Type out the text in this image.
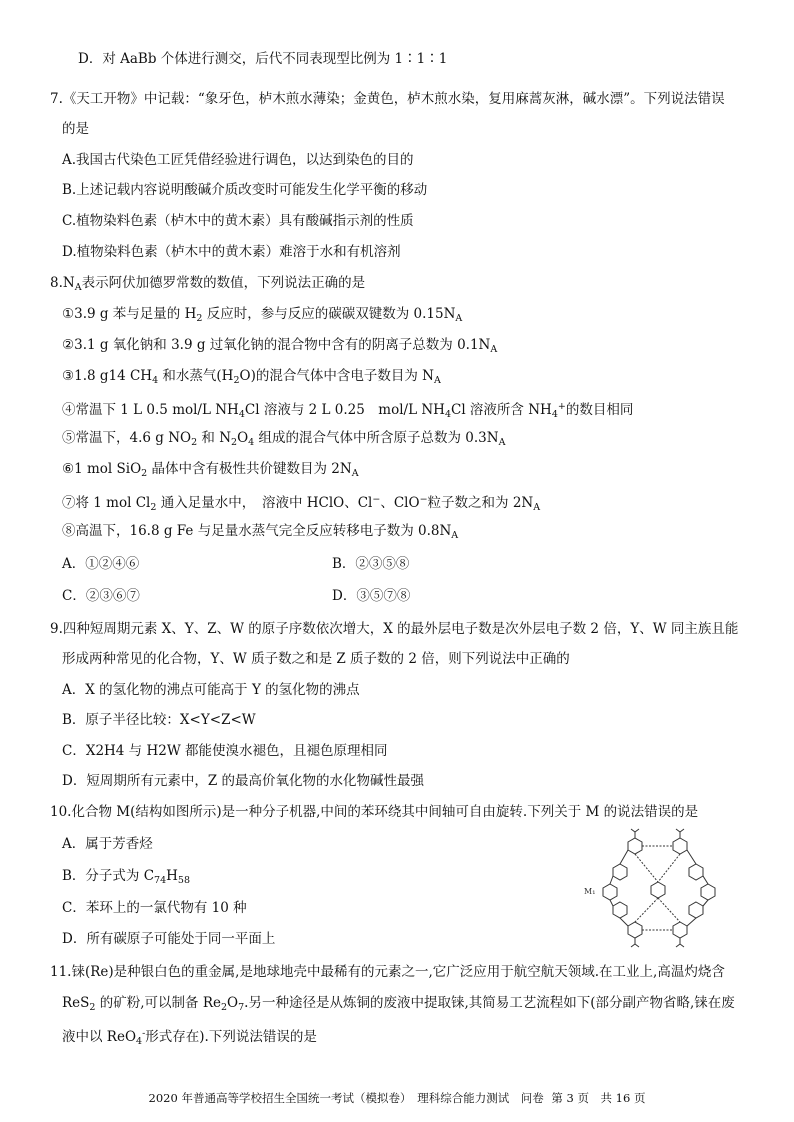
D．对 AaBb 个体进行测交，后代不同表现型比例为 1∶1∶1
7.《天工开物》中记载：“象牙色，栌木煎水薄染；金黄色，栌木煎水染，复用麻蒿灰淋，碱水漂”。下列说法错误
的是
A.我国古代染色工匠凭借经验进行调色，以达到染色的目的
B.上述记载内容说明酸碱介质改变时可能发生化学平衡的移动
C.植物染料色素（栌木中的黄木素）具有酸碱指示剂的性质
D.植物染料色素（栌木中的黄木素）难溶于水和有机溶剂
$8.N_A$表示阿伏加德罗常数的数值，下列说法正确的是
①3.9 g 苯与足量的 $H_2$ 反应时，参与反应的碳碳双键数为 $0.15N_A$
②3.1 g 氧化钠和 3.9 g 过氧化钠的混合物中含有的阴离子总数为 $0.1N_A$
③1.8 g14 $CH_4$ 和水蒸气$(H_2O)$的混合气体中含电子数目为 $N_A$
④常温下 1 L 0.5 mol/L $NH_4Cl$ 溶液与 2 L 0.25　mol/L $NH_4Cl$ 溶液所含 $NH_4^+$的数目相同
⑤常温下，4.6 g $NO_2$ 和 $N_2O_4$ 组成的混合气体中所含原子总数为 $0.3N_A$
⑥1 mol SiO$_2$ 晶体中含有极性共价键数目为 $2N_A$
⑦将 1 mol $Cl_2$ 通入足量水中，　溶液中 HClO、Cl−、ClO−粒子数之和为 $2N_A$
⑧高温下，16.8 g Fe 与足量水蒸气完全反应转移电子数为 $0.8N_A$
A．①②④⑥	B．②③⑤⑧
C．②③⑥⑦	D．③⑤⑦⑧
9.四种短周期元素 X、Y、Z、W 的原子序数依次增大，X 的最外层电子数是次外层电子数 2 倍，Y、W 同主族且能
形成两种常见的化合物，Y、W 质子数之和是 Z 质子数的 2 倍，则下列说法中正确的
A．X 的氢化物的沸点可能高于 Y 的氢化物的沸点
B．原子半径比较：X<Y<Z<W
C．X2H4 与 H2W 都能使溴水褪色，且褪色原理相同
D．短周期所有元素中，Z 的最高价氧化物的水化物碱性最强
10.化合物 M(结构如图所示)是一种分子机器,中间的苯环绕其中间轴可自由旋转.下列关于 M 的说法错误的是
A．属于芳香烃
B．分子式为 $C_{74}H_{58}$
C．苯环上的一氯代物有 10 种
D．所有碳原子可能处于同一平面上
M₁
11.铼(Re)是种银白色的重金属,是地球地壳中最稀有的元素之一,它广泛应用于航空航天领域.在工业上,高温灼烧含
ReS$_2$ 的矿粉,可以制备 $Re_2O_7$.另一种途径是从炼铜的废液中提取铼,其简易工艺流程如下(部分副产物省略,铼在废
液中以 ReO$_4$-形式存在).下列说法错误的是
2020 年普通高等学校招生全国统一考试（模拟卷）　理科综合能力测试　问卷 第 3 页　共 16 页
